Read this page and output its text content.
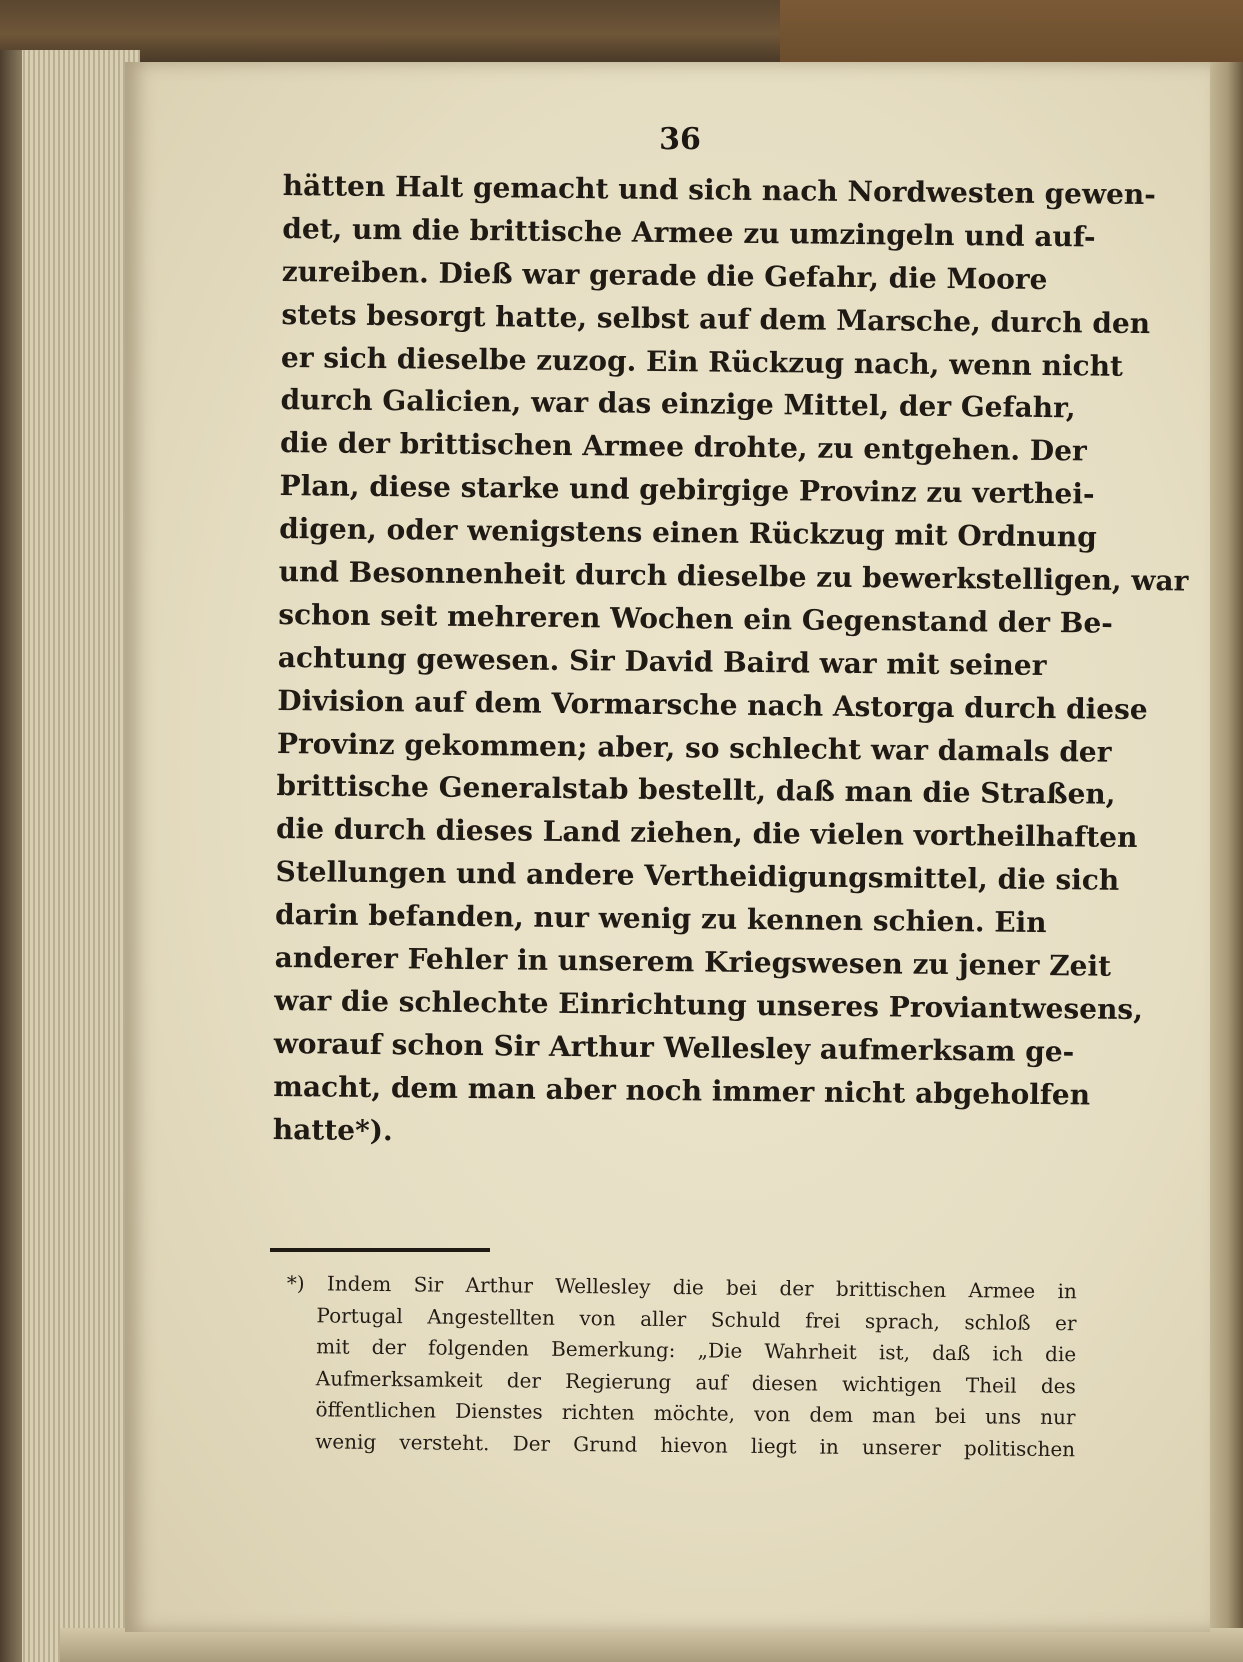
36
hätten Halt gemacht und sich nach Nordwesten gewen-
det, um die brittische Armee zu umzingeln und auf-
zureiben. Dieß war gerade die Gefahr, die Moore
stets besorgt hatte, selbst auf dem Marsche, durch den
er sich dieselbe zuzog. Ein Rückzug nach, wenn nicht
durch Galicien, war das einzige Mittel, der Gefahr,
die der brittischen Armee drohte, zu entgehen. Der
Plan, diese starke und gebirgige Provinz zu verthei-
digen, oder wenigstens einen Rückzug mit Ordnung
und Besonnenheit durch dieselbe zu bewerkstelligen, war
schon seit mehreren Wochen ein Gegenstand der Be-
achtung gewesen. Sir David Baird war mit seiner
Division auf dem Vormarsche nach Astorga durch diese
Provinz gekommen; aber, so schlecht war damals der
brittische Generalstab bestellt, daß man die Straßen,
die durch dieses Land ziehen, die vielen vortheilhaften
Stellungen und andere Vertheidigungsmittel, die sich
darin befanden, nur wenig zu kennen schien. Ein
anderer Fehler in unserem Kriegswesen zu jener Zeit
war die schlechte Einrichtung unseres Proviantwesens,
worauf schon Sir Arthur Wellesley aufmerksam ge-
macht, dem man aber noch immer nicht abgeholfen
hatte*).
*) Indem Sir Arthur Wellesley die bei der brittischen Armee in
Portugal Angestellten von aller Schuld frei sprach, schloß er
mit der folgenden Bemerkung: „Die Wahrheit ist, daß ich die
Aufmerksamkeit der Regierung auf diesen wichtigen Theil des
öffentlichen Dienstes richten möchte, von dem man bei uns nur
wenig versteht. Der Grund hievon liegt in unserer politischen
